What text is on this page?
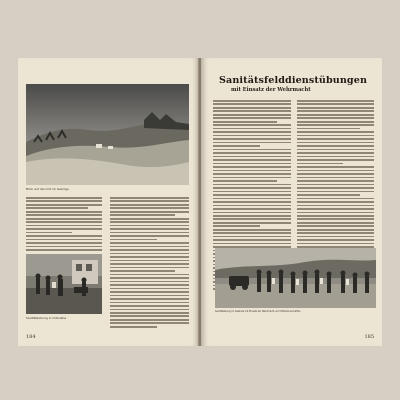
Blick auf den Ort im Gebirge
Sanitätsübung in Ortsnähe
184
Sanitätsfelddienstübungen
mit Einsatz der Wehrmacht
Sanitätsübung im Gelände mit Einsatz der Wehrmacht und Hilfsmannschaften
185
